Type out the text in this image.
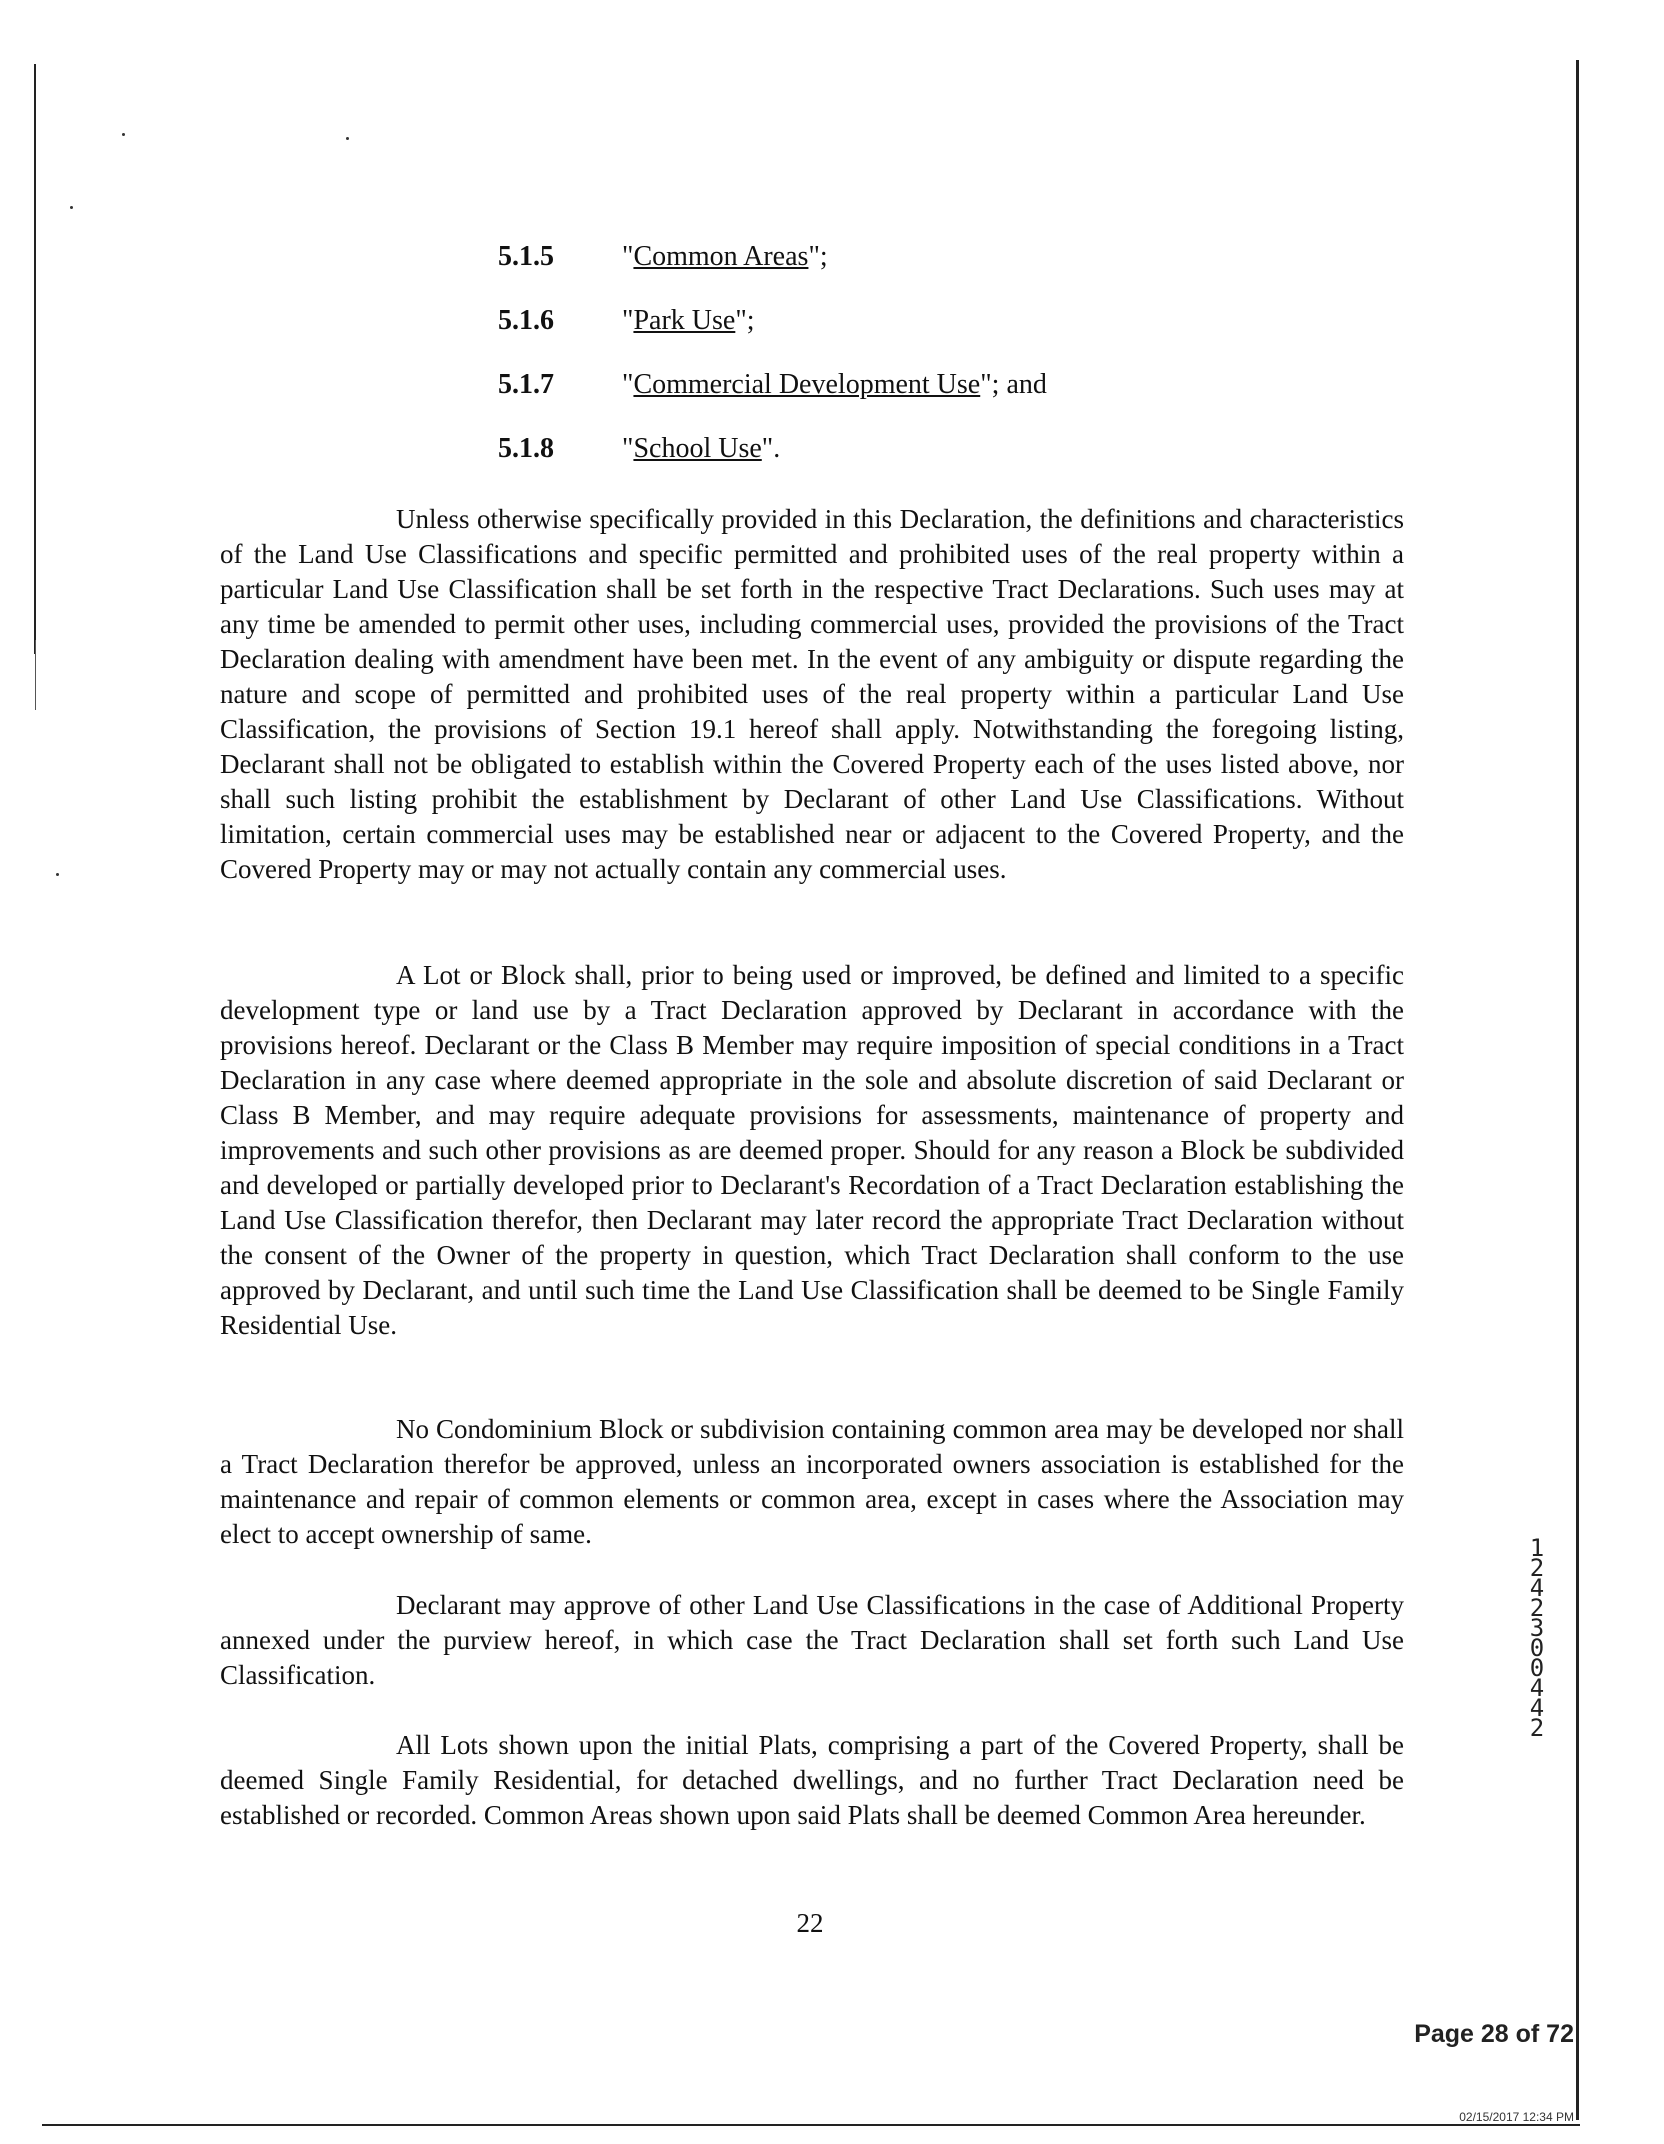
5.1.5 "Common Areas";
5.1.6 "Park Use";
5.1.7 "Commercial Development Use"; and
5.1.8 "School Use".

Unless otherwise specifically provided in this Declaration, the definitions and characteristics of the Land Use Classifications and specific permitted and prohibited uses of the real property within a particular Land Use Classification shall be set forth in the respective Tract Declarations. Such uses may at any time be amended to permit other uses, including commercial uses, provided the provisions of the Tract Declaration dealing with amendment have been met. In the event of any ambiguity or dispute regarding the nature and scope of permitted and prohibited uses of the real property within a particular Land Use Classification, the provisions of Section 19.1 hereof shall apply. Notwithstanding the foregoing listing, Declarant shall not be obligated to establish within the Covered Property each of the uses listed above, nor shall such listing prohibit the establishment by Declarant of other Land Use Classifications. Without limitation, certain commercial uses may be established near or adjacent to the Covered Property, and the Covered Property may or may not actually contain any commercial uses.

A Lot or Block shall, prior to being used or improved, be defined and limited to a specific development type or land use by a Tract Declaration approved by Declarant in accordance with the provisions hereof. Declarant or the Class B Member may require imposition of special conditions in a Tract Declaration in any case where deemed appropriate in the sole and absolute discretion of said Declarant or Class B Member, and may require adequate provisions for assessments, maintenance of property and improvements and such other provisions as are deemed proper. Should for any reason a Block be subdivided and developed or partially developed prior to Declarant's Recordation of a Tract Declaration establishing the Land Use Classification therefor, then Declarant may later record the appropriate Tract Declaration without the consent of the Owner of the property in question, which Tract Declaration shall conform to the use approved by Declarant, and until such time the Land Use Classification shall be deemed to be Single Family Residential Use.

No Condominium Block or subdivision containing common area may be developed nor shall a Tract Declaration therefor be approved, unless an incorporated owners association is established for the maintenance and repair of common elements or common area, except in cases where the Association may elect to accept ownership of same.

Declarant may approve of other Land Use Classifications in the case of Additional Property annexed under the purview hereof, in which case the Tract Declaration shall set forth such Land Use Classification.

All Lots shown upon the initial Plats, comprising a part of the Covered Property, shall be deemed Single Family Residential, for detached dwellings, and no further Tract Declaration need be established or recorded. Common Areas shown upon said Plats shall be deemed Common Area hereunder.

22
1242300442
Page 28 of 72
02/15/2017 12:34 PM
